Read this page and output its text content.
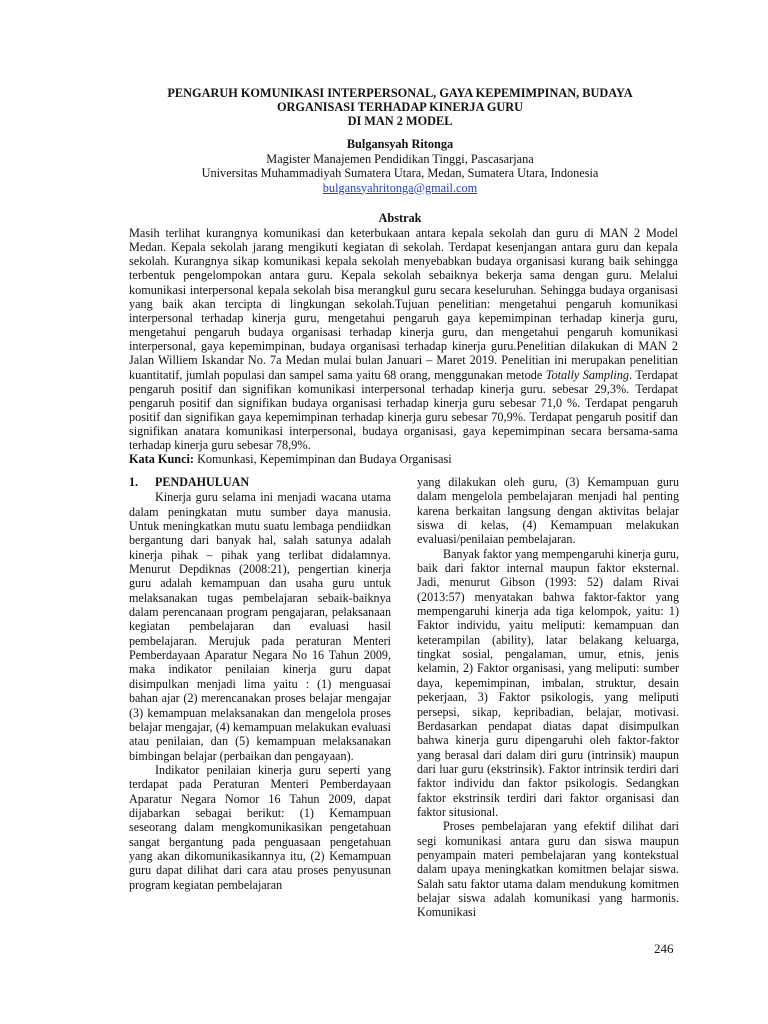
PENGARUH KOMUNIKASI INTERPERSONAL, GAYA KEPEMIMPINAN, BUDAYA
ORGANISASI TERHADAP KINERJA GURU
DI MAN 2 MODEL
Bulgansyah Ritonga
Magister Manajemen Pendidikan Tinggi, Pascasarjana
Universitas Muhammadiyah Sumatera Utara, Medan, Sumatera Utara, Indonesia
bulgansyahritonga@gmail.com
Abstrak

Masih terlihat kurangnya komunikasi dan keterbukaan antara kepala sekolah dan guru di MAN 2 Model Medan. Kepala sekolah jarang mengikuti kegiatan di sekolah. Terdapat kesenjangan antara guru dan kepala sekolah. Kurangnya sikap komunikasi kepala sekolah menyebabkan budaya organisasi kurang baik sehingga terbentuk pengelompokan antara guru. Kepala sekolah sebaiknya bekerja sama dengan guru. Melalui komunikasi interpersonal kepala sekolah bisa merangkul guru secara keseluruhan. Sehingga budaya organisasi yang baik akan tercipta di lingkungan sekolah.Tujuan penelitian: mengetahui pengaruh komunikasi interpersonal terhadap kinerja guru, mengetahui pengaruh gaya kepemimpinan terhadap kinerja guru, mengetahui pengaruh budaya organisasi terhadap kinerja guru, dan mengetahui pengaruh komunikasi interpersonal, gaya kepemimpinan, budaya organisasi terhadap kinerja guru.Penelitian dilakukan di MAN 2 Jalan Williem Iskandar No. 7a Medan mulai bulan Januari – Maret 2019. Penelitian ini merupakan penelitian kuantitatif, jumlah populasi dan sampel sama yaitu 68 orang, menggunakan metode Totally Sampling. Terdapat pengaruh positif dan signifikan komunikasi interpersonal terhadap kinerja guru. sebesar 29,3%. Terdapat pengaruh positif dan signifikan budaya organisasi terhadap kinerja guru sebesar 71,0 %. Terdapat pengaruh positif dan signifikan gaya kepemimpinan terhadap kinerja guru sebesar 70,9%. Terdapat pengaruh positif dan signifikan anatara komunikasi interpersonal, budaya organisasi, gaya kepemimpinan secara bersama-sama terhadap kinerja guru sebesar 78,9%.

Kata Kunci: Komunkasi, Kepemimpinan dan Budaya Organisasi
1. PENDAHULUAN

Kinerja guru selama ini menjadi wacana utama dalam peningkatan mutu sumber daya manusia. Untuk meningkatkan mutu suatu lembaga pendiidkan bergantung dari banyak hal, salah satunya adalah kinerja pihak – pihak yang terlibat didalamnya. Menurut Depdiknas (2008:21), pengertian kinerja guru adalah kemampuan dan usaha guru untuk melaksanakan tugas pembelajaran sebaik-baiknya dalam perencanaan program pengajaran, pelaksanaan kegiatan pembelajaran dan evaluasi hasil pembelajaran. Merujuk pada peraturan Menteri Pemberdayaan Aparatur Negara No 16 Tahun 2009, maka indikator penilaian kinerja guru dapat disimpulkan menjadi lima yaitu : (1) menguasai bahan ajar (2) merencanakan proses belajar mengajar (3) kemampuan melaksanakan dan mengelola proses belajar mengajar, (4) kemampuan melakukan evaluasi atau penilaian, dan (5) kemampuan melaksanakan bimbingan belajar (perbaikan dan pengayaan).

Indikator penilaian kinerja guru seperti yang terdapat pada Peraturan Menteri Pemberdayaan Aparatur Negara Nomor 16 Tahun 2009, dapat dijabarkan sebagai berikut: (1) Kemampuan seseorang dalam mengkomunikasikan pengetahuan sangat bergantung pada penguasaan pengetahuan yang akan dikomunikasikannya itu, (2) Kemampuan guru dapat dilihat dari cara atau proses penyusunan program kegiatan pembelajaran

yang dilakukan oleh guru, (3) Kemampuan guru dalam mengelola pembelajaran menjadi hal penting karena berkaitan langsung dengan aktivitas belajar siswa di kelas, (4) Kemampuan melakukan evaluasi/penilaian pembelajaran.

Banyak faktor yang mempengaruhi kinerja guru, baik dari faktor internal maupun faktor eksternal. Jadi, menurut Gibson (1993: 52) dalam Rivai (2013:57) menyatakan bahwa faktor-faktor yang mempengaruhi kinerja ada tiga kelompok, yaitu: 1) Faktor individu, yaitu meliputi: kemampuan dan keterampilan (ability), latar belakang keluarga, tingkat sosial, pengalaman, umur, etnis, jenis kelamin, 2) Faktor organisasi, yang meliputi: sumber daya, kepemimpinan, imbalan, struktur, desain pekerjaan, 3) Faktor psikologis, yang meliputi persepsi, sikap, kepribadian, belajar, motivasi. Berdasarkan pendapat diatas dapat disimpulkan bahwa kinerja guru dipengaruhi oleh faktor-faktor yang berasal dari dalam diri guru (intrinsik) maupun dari luar guru (ekstrinsik). Faktor intrinsik terdiri dari faktor individu dan faktor psikologis. Sedangkan faktor ekstrinsik terdiri dari faktor organisasi dan faktor situsional.

Proses pembelajaran yang efektif dilihat dari segi komunikasi antara guru dan siswa maupun penyampain materi pembelajaran yang kontekstual dalam upaya meningkatkan komitmen belajar siswa. Salah satu faktor utama dalam mendukung komitmen belajar siswa adalah komunikasi yang harmonis. Komunikasi

246
